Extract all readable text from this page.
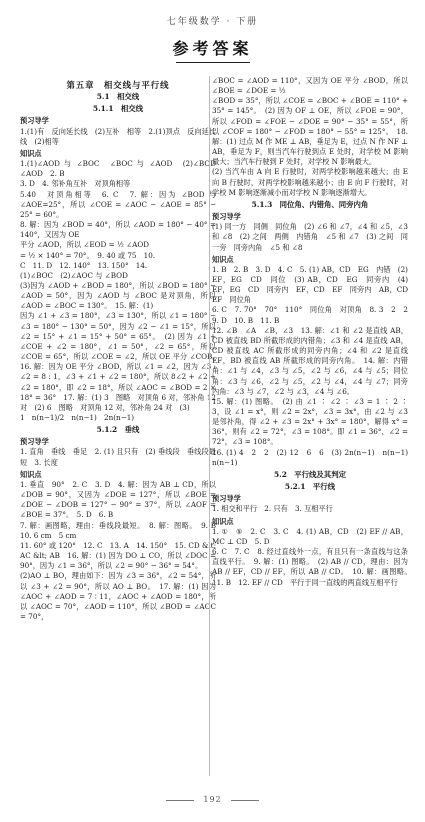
七年级数学 · 下册
参考答案
第五章　相交线与平行线
5.1　相交线
5.1.1　相交线
预习导学
1.(1)有　反向延长线　(2)互补　相等　2.(1)顶点　反向延长线　(2)相等
知识点
1.(1)∠AOD 与 ∠BOC　∠BOC 与 ∠AOD　(2)∠BOD　∠AOD　2. B
3. D　4. 邻补角互补　对顶角相等
5.40　对顶角相等　6. C　7. 解：因为 ∠BOD 与 ∠AOE=25°，所以 ∠COE = ∠AOC − ∠AOE = 85° − 25° = 60°。
8. 解：因为 ∠BOD = 40°，所以 ∠AOD = 180° − 40° = 140°，又因为 OE
平分 ∠AOD，所以 ∠EOD = ½ ∠AOD
= ½ × 140° = 70°。　9. 40 或 75　10.
C　11. D　12. 140°　13. 150°　14.
(1)∠BOC　(2)∠AOC 与 ∠BOD
(3)因为 ∠AOD + ∠BOD = 180°，所以 ∠BOD = 180° − ∠AOD = 50°，因为 ∠AOD 与 ∠BOC 是对顶角，所以 ∠AOD = ∠BOC = 130°。　15. 解：(1)
因为 ∠1 + ∠3 = 180°，∠3 = 130°，所以 ∠1 = 180° − ∠3 = 180° − 130° = 50°，因为 ∠2 − ∠1 = 15°，所以 ∠2 = 15° + ∠1 = 15° + 50° = 65°。　(2) 因为 ∠1 + ∠COE + ∠2 = 180°，∠1 = 50°，∠2 = 65°，所以 ∠COE = 65°，所以 ∠COE = ∠2，所以 OE 平分 ∠COB。　16. 解：因为 OE 平分 ∠BOD，所以 ∠1 = ∠2，因为 ∠3 : ∠2 = 8 : 1，∠3 + ∠1 + ∠2 = 180°，所以 8∠2 + ∠2 + ∠2 = 180°，即 ∠2 = 18°，所以 ∠AOC = ∠BOD = 2 × 18° = 36°　17. 解：(1) 3　图略　对顶角 6 对，邻补角 12 对　(2) 6　图略　对顶角 12 对，邻补角 24 对　(3)
1　n(n−1)/2　n(n−1)　2n(n−1)
5.1.2　垂线
预习导学
1. 直角　垂线　垂足　2. (1) 且只有　(2) 垂线段　垂线段最短　3. 长度
知识点
1. 垂直　90°　2. C　3. D　4. 解：因为 AB ⊥ CD，所以 ∠DOB = 90°，又因为 ∠DOE = 127°，所以 ∠BOE = ∠DOE − ∠DOB = 127° − 90° = 37°，所以 ∠AOF = ∠BOE = 37°。　5. D　6. B
7. 解：画图略，理由：垂线段最短。　8. 解：图略。　9. B　10. 6 cm　5 cm
11. 60° 或 120°　12. C　13. A　14. 150°　15. CD &lt; AC &lt; AB　16. 解：(1) 因为 DO ⊥ CO，所以 ∠DOC = 90°，因为 ∠1 = 36°，所以 ∠2 = 90° − 36° = 54°。
(2)AO ⊥ BO，理由如下：因为 ∠3 = 36°，∠2 = 54°，所以 ∠3 + ∠2 = 90°，所以 AO ⊥ BO。　17. 解：(1) 因为 ∠AOC + ∠AOD = 7 ∶ 11，∠AOC + ∠AOD = 180°，所以 ∠AOC = 70°，∠AOD = 110°，所以 ∠BOD = ∠AOC = 70°，
∠BOC = ∠AOD = 110°，又因为 OE 平分 ∠BOD，所以 ∠BOE = ∠DOE = ½
∠BOD = 35°，所以 ∠COE = ∠BOC + ∠BOE = 110° + 35° = 145°。　(2) 因为 OF ⊥ OE，所以 ∠FOE = 90°，所以 ∠FOD = ∠FOE − ∠DOE = 90° − 35° = 55°，所以 ∠COF = 180° − ∠FOD = 180° − 55° = 125°。　18. 解：(1) 过点 M 作 ME ⊥ AB，垂足为 E，过点 N 作 NF ⊥ AB，垂足为 F，则当汽车行驶到点 E 处时，对学校 M 影响最大；当汽车行驶到 F 处时，对学校 N 影响最大。
(2) 当汽车由 A 向 E 行驶时，对两学校影响越来越大；由 E 向 B 行驶时，对两学校影响越来越小；由 E 向 F 行驶时，对学校 M 影响逐渐减小而对学校 N 影响逐渐增大。
5.1.3　同位角、内错角、同旁内角
预习导学
(1) 同一方　同侧　同位角　(2) ∠6 和 ∠7，∠4 和 ∠5，∠3 和 ∠8　(2) 之间　两侧　内错角　∠5 和 ∠7　(3) 之间　同一旁　同旁内角　∠5 和 ∠8
知识点
1. B　2. B　3. D　4. C　5. (1) AB，CD　EG　内错　(2) EF，EG　CD　同位　(3) AB，CD　EG　同旁内　(4) EF，EG　CD　同旁内　EF，CD　EF　同旁内　AB，CD　EF　同位角
6. C　7. 70°　70°　110°　同位角　对顶角　8. 3　2　2　9. D　10. B　11. B
12. ∠B　∠A　∠B，∠3　13. 解：∠1 和 ∠2 是直线 AB，CD 被直线 BD 所截形成的内错角；∠3 和 ∠4 是直线 AB，CD 被直线 AC 所截形成的同旁内角；∠4 和 ∠2 是直线 EF，BD 被直线 AB 所截形成的同旁内角。　14. 解：内错角：∠1 与 ∠4，∠3 与 ∠5，∠2 与 ∠6，∠4 与 ∠5；同位角：∠3 与 ∠6，∠2 与 ∠5，∠2 与 ∠4，∠4 与 ∠7；同旁内角：∠3 与 ∠7，∠2 与 ∠3，∠4 与 ∠6。
15. 解：(1) 图略。　(2) 由 ∠1 ∶ ∠2 ∶ ∠3 = 1 ∶ 2 ∶ 3，设 ∠1 = x°，则 ∠2 = 2x°，∠3 = 3x°，由 ∠2 与 ∠3 是邻补角，得 ∠2 + ∠3 = 2x° + 3x° = 180°，解得 x° = 36°，则有 ∠2 = 72°，∠3 = 108°。即 ∠1 = 36°，∠2 = 72°，∠3 = 108°。
16. (1) 4　2　2　(2) 12　6　6　(3) 2n(n−1)　n(n−1)　n(n−1)
5.2　平行线及其判定
5.2.1　平行线
预习导学
1. 相交和平行　2. 只有　3. 互相平行
知识点
1. ①　⑤　2. C　3. C　4. (1) AB，CD　(2) EF // AB，MC ⊥ CD　5. D
6. C　7. C　8. 经过直线外一点，有且只有一条直线与这条直线平行。　9. 解：(1) 图略。　(2) AB // CD，理由：因为 AB // EF，CD // EF，所以 AB // CD。　10. 解：画图略。　11. B　12. EF // CD　平行于同一直线的两直线互相平行
192
